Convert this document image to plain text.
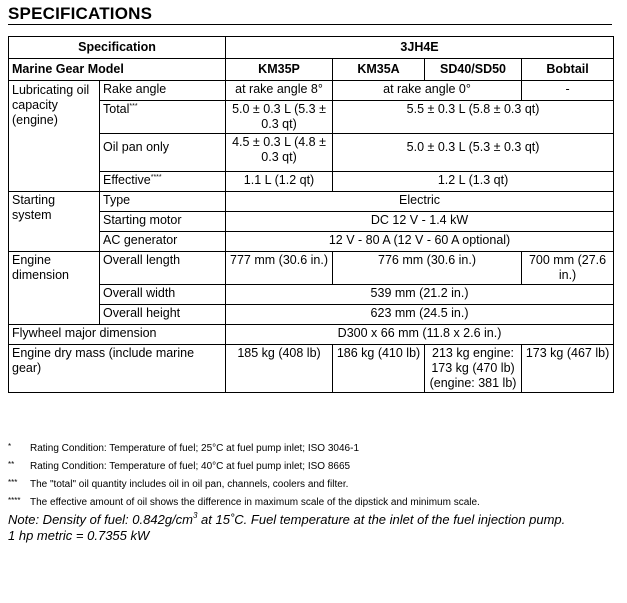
SPECIFICATIONS
Specification		3JH4E			
Marine Gear Model		KM35P	KM35A	SD40/SD50	Bobtail
Lubricating oil capacity (engine)	Rake angle	at rake angle 8°	at rake angle 0°		-
	Total***	5.0 ± 0.3 L (5.3 ± 0.3 qt)	5.5 ± 0.3 L (5.8 ± 0.3 qt)		
	Oil pan only	4.5 ± 0.3 L (4.8 ± 0.3 qt)	5.0 ± 0.3 L (5.3 ± 0.3 qt)		
	Effective****	1.1 L (1.2 qt)	1.2 L (1.3 qt)		
Starting system	Type	Electric			
	Starting motor	DC 12 V - 1.4 kW			
	AC generator	12 V - 80 A (12 V - 60 A optional)			
Engine dimension	Overall length	777 mm (30.6 in.)	776 mm (30.6 in.)		700 mm (27.6 in.)
	Overall width	539 mm (21.2 in.)			
	Overall height	623 mm (24.5 in.)			
Flywheel major dimension		D300 x 66 mm (11.8 x 2.6 in.)			
Engine dry mass (include marine gear)		185 kg (408 lb)	186 kg (410 lb)	213 kg engine: 173 kg (470 lb) (engine: 381 lb)	173 kg (467 lb)
* Rating Condition: Temperature of fuel; 25°C at fuel pump inlet; ISO 3046-1
** Rating Condition: Temperature of fuel; 40°C at fuel pump inlet; ISO 8665
*** The "total" oil quantity includes oil in oil pan, channels, coolers and filter.
**** The effective amount of oil shows the difference in maximum scale of the dipstick and minimum scale.
Note: Density of fuel: $0.842g/cm^3$ at 15˚C. Fuel temperature at the inlet of the fuel injection pump.
1 hp metric = 0.7355 kW
